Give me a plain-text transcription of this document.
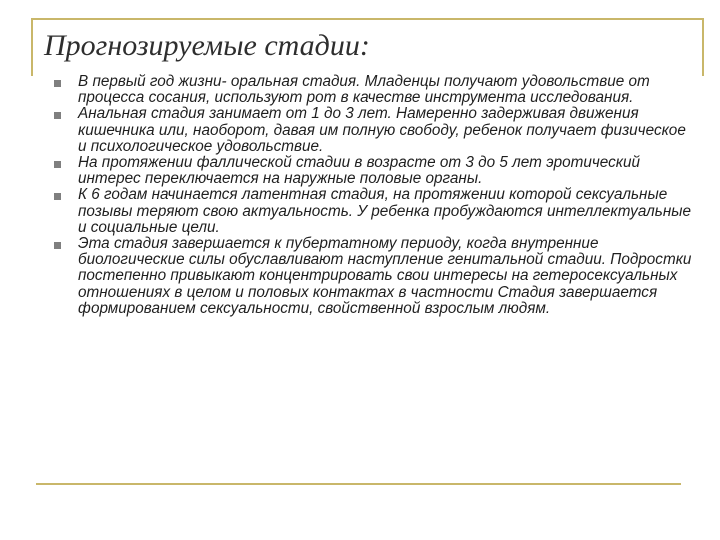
Прогнозируемые стадии:
В первый год жизни- оральная стадия. Младенцы получают удовольствие от процесса сосания, используют рот в качестве инструмента исследования.
Анальная стадия занимает от 1 до 3 лет. Намеренно задерживая движения кишечника или, наоборот, давая им полную свободу, ребенок получает физическое и психологическое удовольствие.
На протяжении фаллической стадии в возрасте от 3 до 5 лет эротический интерес переключается на наружные половые органы.
К 6 годам начинается латентная стадия, на протяжении которой сексуальные позывы теряют свою актуальность. У ребенка пробуждаются интеллектуальные и социальные цели.
Эта стадия завершается к пубертатному периоду, когда внутренние биологические силы обуславливают наступление генитальной стадии. Подростки постепенно привыкают концентрировать свои интересы на гетеросексуальных отношениях в целом и половых контактах в частности Стадия завершается формированием сексуальности, свойственной взрослым людям.
